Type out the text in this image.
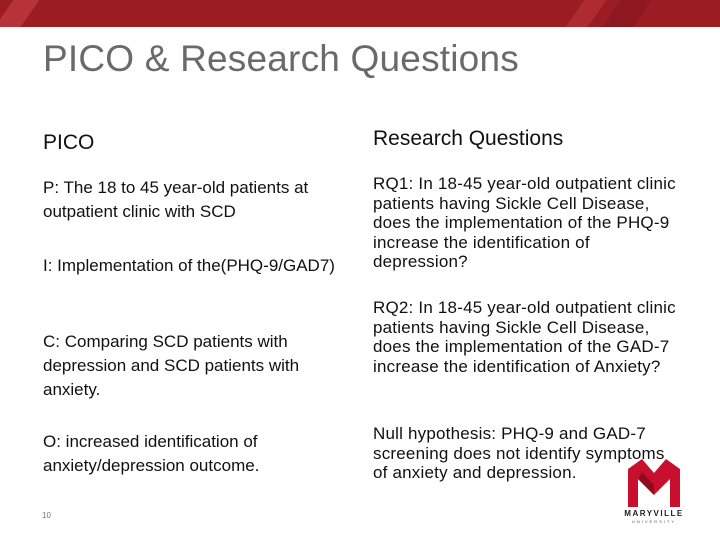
PICO & Research Questions
PICO	Research Questions
P: The 18 to 45 year-old patients at outpatient clinic with SCD
I: Implementation of the(PHQ-9/GAD7)
C: Comparing SCD patients with depression and SCD patients with anxiety.
O: increased identification of anxiety/depression outcome.
RQ1: In 18-45 year-old outpatient clinic patients having Sickle Cell Disease, does the implementation of the PHQ-9 increase the identification of depression?
RQ2: In 18-45 year-old outpatient clinic patients having Sickle Cell Disease, does the implementation of the GAD-7 increase the identification of Anxiety?
Null hypothesis: PHQ-9 and GAD-7 screening does not identify symptoms of anxiety and depression.
10	MARYVILLE
UNIVERSITY
